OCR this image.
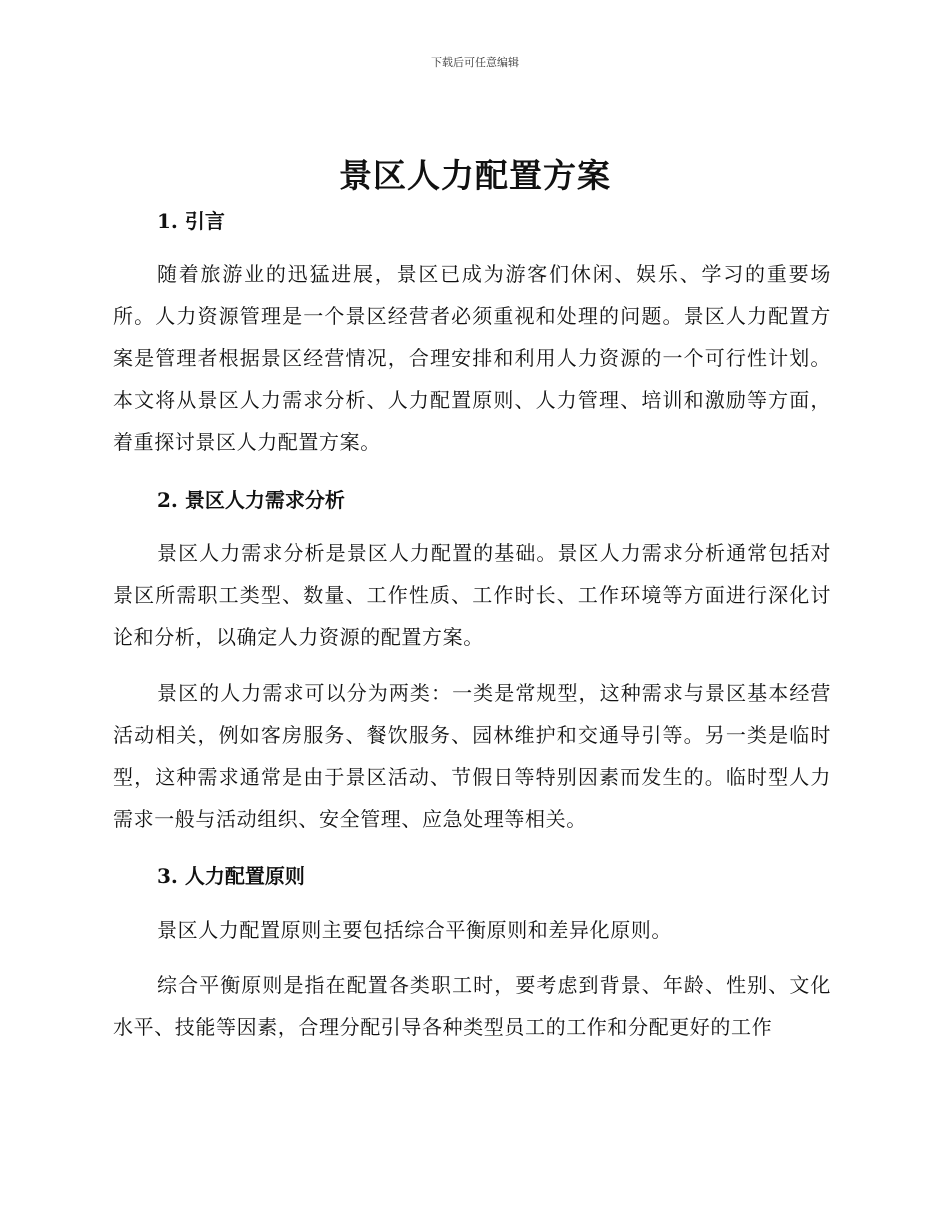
下载后可任意编辑
景区人力配置方案
1. 引言

随着旅游业的迅猛进展，景区已成为游客们休闲、娱乐、学习的重要场所。人力资源管理是一个景区经营者必须重视和处理的问题。景区人力配置方案是管理者根据景区经营情况，合理安排和利用人力资源的一个可行性计划。本文将从景区人力需求分析、人力配置原则、人力管理、培训和激励等方面，着重探讨景区人力配置方案。

2. 景区人力需求分析

景区人力需求分析是景区人力配置的基础。景区人力需求分析通常包括对景区所需职工类型、数量、工作性质、工作时长、工作环境等方面进行深化讨论和分析，以确定人力资源的配置方案。

景区的人力需求可以分为两类：一类是常规型，这种需求与景区基本经营活动相关，例如客房服务、餐饮服务、园林维护和交通导引等。另一类是临时型，这种需求通常是由于景区活动、节假日等特别因素而发生的。临时型人力需求一般与活动组织、安全管理、应急处理等相关。

3. 人力配置原则

景区人力配置原则主要包括综合平衡原则和差异化原则。

综合平衡原则是指在配置各类职工时，要考虑到背景、年龄、性别、文化水平、技能等因素，合理分配引导各种类型员工的工作和分配更好的工作
